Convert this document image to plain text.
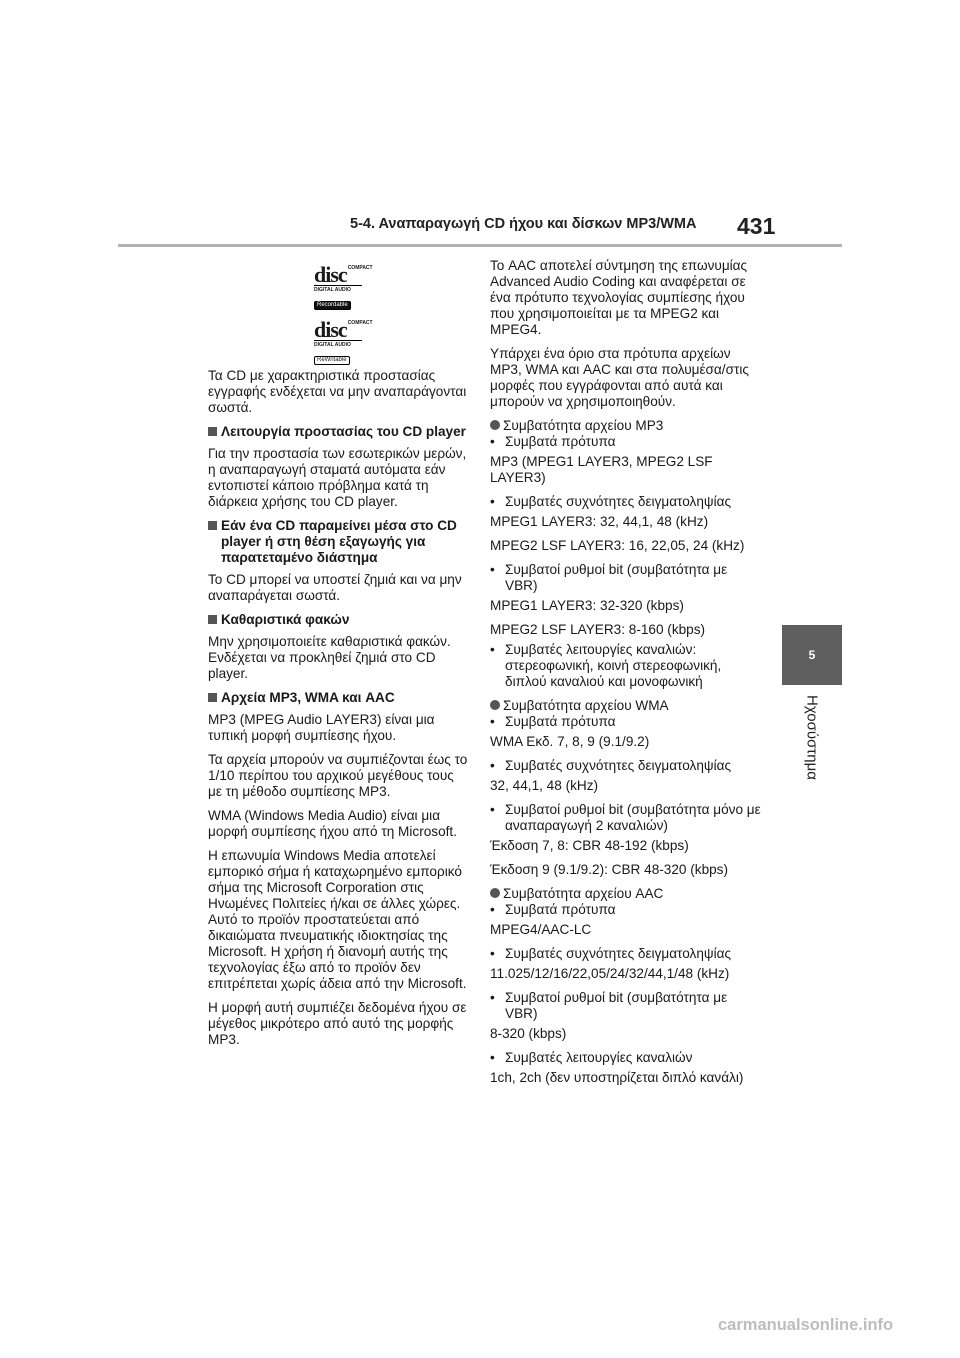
5-4. Αναπαραγωγή CD ήχου και δίσκων MP3/WMA 431
5
Ηχοσύστημα
disc COMPACT
DIGITAL AUDIO
Recordable
disc COMPACT
DIGITAL AUDIO
ReWritable

Τα CD με χαρακτηριστικά προστασίας εγγραφής ενδέχεται να μην αναπαράγονται σωστά.

Λειτουργία προστασίας του CD player

Για την προστασία των εσωτερικών μερών, η αναπαραγωγή σταματά αυτόματα εάν εντοπιστεί κάποιο πρόβλημα κατά τη διάρκεια χρήσης του CD player.

Εάν ένα CD παραμείνει μέσα στο CD player ή στη θέση εξαγωγής για παρατεταμένο διάστημα

Το CD μπορεί να υποστεί ζημιά και να μην αναπαράγεται σωστά.

Καθαριστικά φακών

Μην χρησιμοποιείτε καθαριστικά φακών. Ενδέχεται να προκληθεί ζημιά στο CD player.

Αρχεία MP3, WMA και AAC

MP3 (MPEG Audio LAYER3) είναι μια τυπική μορφή συμπίεσης ήχου.

Τα αρχεία μπορούν να συμπιέζονται έως το 1/10 περίπου του αρχικού μεγέθους τους με τη μέθοδο συμπίεσης MP3.

WMA (Windows Media Audio) είναι μια μορφή συμπίεσης ήχου από τη Microsoft.

Η επωνυμία Windows Media αποτελεί εμπορικό σήμα ή καταχωρημένο εμπορικό σήμα της Microsoft Corporation στις Ηνωμένες Πολιτείες ή/και σε άλλες χώρες. Αυτό το προϊόν προστατεύεται από δικαιώματα πνευματικής ιδιοκτησίας της Microsoft. Η χρήση ή διανομή αυτής της τεχνολογίας έξω από το προϊόν δεν επιτρέπεται χωρίς άδεια από την Microsoft.

Η μορφή αυτή συμπιέζει δεδομένα ήχου σε μέγεθος μικρότερο από αυτό της μορφής MP3.

Το AAC αποτελεί σύντμηση της επωνυμίας Advanced Audio Coding και αναφέρεται σε ένα πρότυπο τεχνολογίας συμπίεσης ήχου που χρησιμοποιείται με τα MPEG2 και MPEG4.

Υπάρχει ένα όριο στα πρότυπα αρχείων MP3, WMA και AAC και στα πολυμέσα/στις μορφές που εγγράφονται από αυτά και μπορούν να χρησιμοποιηθούν.

Συμβατότητα αρχείου MP3
• Συμβατά πρότυπα
MP3 (MPEG1 LAYER3, MPEG2 LSF LAYER3)
• Συμβατές συχνότητες δειγματοληψίας
MPEG1 LAYER3: 32, 44,1, 48 (kHz)
MPEG2 LSF LAYER3: 16, 22,05, 24 (kHz)
• Συμβατοί ρυθμοί bit (συμβατότητα με VBR)
MPEG1 LAYER3: 32-320 (kbps)
MPEG2 LSF LAYER3: 8-160 (kbps)
• Συμβατές λειτουργίες καναλιών: στερεοφωνική, κοινή στερεοφωνική, διπλού καναλιού και μονοφωνική
Συμβατότητα αρχείου WMA
• Συμβατά πρότυπα
WMA Εκδ. 7, 8, 9 (9.1/9.2)
• Συμβατές συχνότητες δειγματοληψίας
32, 44,1, 48 (kHz)
• Συμβατοί ρυθμοί bit (συμβατότητα μόνο με αναπαραγωγή 2 καναλιών)
Έκδοση 7, 8: CBR 48-192 (kbps)
Έκδοση 9 (9.1/9.2): CBR 48-320 (kbps)
Συμβατότητα αρχείου AAC
• Συμβατά πρότυπα
MPEG4/AAC-LC
• Συμβατές συχνότητες δειγματοληψίας
11.025/12/16/22,05/24/32/44,1/48 (kHz)
• Συμβατοί ρυθμοί bit (συμβατότητα με VBR)
8-320 (kbps)
• Συμβατές λειτουργίες καναλιών
1ch, 2ch (δεν υποστηρίζεται διπλό κανάλι)
carmanualsonline.info
